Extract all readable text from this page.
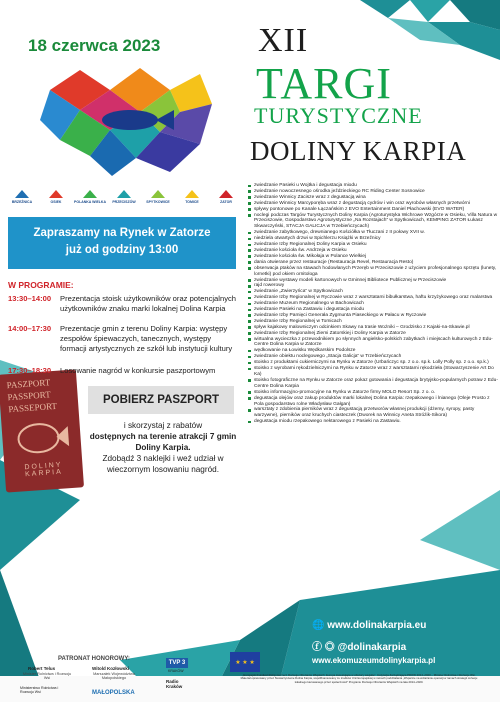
PASZPORT
PASSPORT
PASSEPORT
DOLINY
KARPIA
18 czerwca 2023	XII
TARGI
TURYSTYCZNE
DOLINY KARPIA
BRZEŹNICA	OSIEK	POLANKA WIELKA PRZECISZÓW	SPYTKOWICE	TOMICE	ZATOR
Zapraszamy na Rynek w Zatorze
już od godziny 13:00
W PROGRAMIE:
13:30–14:00	Prezentacja stoisk użytkowników oraz potencjalnych użytkowników znaku marki lokalnej Dolina Karpia
14:00–17:30	Prezentacje gmin z terenu Doliny Karpia: występy zespołów śpiewaczych, tanecznych, występy formacji artystycznych ze szkół lub instytucji kultury
17:30–18:30	Losowanie nagród w konkursie paszportowym
POBIERZ PASZPORT
i skorzystaj z rabatów
dostępnych na terenie atrakcji 7 gmin Doliny Karpia.
Zdobądź 3 naklejki i weź udział w wieczornym losowaniu nagród.
zwiedzanie Pasieki u Wojtka i degustacja miodu
zwiedzanie nowoczesnego ośrodka jeździeckiego RC Riding Center Sosnowice
zwiedzanie Winnicy Zacisze wraz z degustacją wina
zwiedzanie Winnicy Marcyporęba wraz z degustacją cydrów i win oraz wyrobów własnych przetwórni
spływy pontonowe po Kanale Łączańskim z EVO Entertainment Daniel Płachowski (EVO WATER)
noclegi podczas Targów Turystycznych Doliny Karpia (Agroturystyka Wichrowe Wzgórze w Osieku, Villa Natura w Przeciszowie, Gospodarstwo Agroturystyczne „Na Rozstajach” w Spytkowicach, KEMPING ZATOR Łukasz Skwarczyński, STACJA GALICJA w Trzebieńczycach)
zwiedzanie zabytkowego, drewnianego Kościółka w Tłuczani z II połowy XVII w.
niedziela otwartych drzwi w Spichlerzu Książki w Brzeźnicy
zwiedzanie Izby Regionalnej Doliny Karpia w Osieku
zwiedzanie kościoła św. Andrzeja w Osieku
zwiedzanie kościoła św. Mikołaja w Polance Wielkiej
dania otwierane przez restauracje (Restauracja Revel, Restauracja Resto)
obserwacja ptaków na stawach hodowlanych Przeręb w Przeciszowie z użyciem profesjonalnego sprzętu (lunety, lornetki) pod okiem ornitologa
zwiedzanie wystawy modeli kartonowych w Gminnej Bibliotece Publicznej w Przeciszowie
rajd rowerowy
zwiedzanie „Zwierzyńca” w Spytkowicach
zwiedzanie Izby Regionalnej w Ryczowie wraz z warsztatami bibułkarstwa, haftu krzyżykowego oraz malarstwa
zwiedzanie Muzeum Regionalnego w Bachowicach
zwiedzanie Pasieki na Zastawiu i degustacja miodu
zwiedzanie Izby Pamięci Generała Zygmunta Piaseckiego w Pałacu w Ryczowie
zwiedzanie Izby Regionalnej w Tomicach
spływ kajakowy malowniczym odcinkiem Skawy na trasie Wożniki – Grodzisko z Kajaki-na-Skawie.pl
zwiedzanie Izby Regionalnej Ziemi Zatorskiej i Doliny Karpia w Zatorze
wirtualna wycieczka z przewodnikiem po słynnych angielsko-polskich zabytkach i miejscach kulturowych z Edu-Centre Dolina Karpia w Zatorze
wędkowanie na Łowisku Wędkarskim Podolsze
zwiedzanie obiektu noclegowego „Stacja Galicja” w Trzebieńczycach
stoisko z produktami cukierniczymi na Rynku w Zatorze (Urbańczyc sp. z o.o. sp.k. Lolly Polly sp. z o.o. sp.k.)
stoisko z wyrobami rękodzielniczymi na Rynku w Zatorze wraz z warsztatami rękodzieła (Stowarzyszenie Art Do Ka)
stoisko fotograficzne na Rynku w Zatorze oraz pokaz gotowania i degustacja brytyjsko-popularnych potraw z Edu-Centre Dolina Karpia
stoisko informacyjno-promocyjne na Rynku w Zatorze firmy MOLO Resort Sp. z o. o.
degustacja olejów oraz zakup produktów marki lokalnej Dolina Karpia: rzepakowego i lnianego (Oleje Prosto z Pola gospodarstwo rolne Władysław Gałgan)
warsztaty z zdobienia pierników wraz z degustacją przetworów własnej produkcji (dżemy, syropy, pasty warzywne), pierników oraz kruchych ciasteczek (Dworek na Winnicy Aneta Stróżik-Sikora)
degustacja miodu rzepakowego nektarowego z Pasieki na Zastawiu.
🌐 www.dolinakarpia.eu
ⓕ ◎ @dolinakarpia
www.ekomuzeumdolinykarpia.pl
PATRONAT HONOROWY:
Robert Telus
Minister Rolnictwa i Rozwoju Wsi
Witold Kozłowski
Marszałek Województwa Małopolskiego
Ministerstwo Rolnictwa i Rozwoju Wsi	MAŁOPOLSKA
TVP 3
KRAKÓW
Radio Kraków
★ ★ ★
„Europejski Fundusz Rolny na rzecz Rozwoju Obszarów Wiejskich: Europa inwestująca w obszary wiejskie”. Instytucja Zarządzająca PROW 2014–2020 – Minister Rolnictwa i Rozwoju Wsi. Materiał opracowany przez Stowarzyszenie Dolina Karpia, współfinansowany ze środków Unii Europejskiej w ramach poddziałania „Wsparcie na wdrażanie operacji w ramach strategii rozwoju lokalnego kierowanego przez społeczność” Programu Rozwoju Obszarów Wiejskich na lata 2014–2020.
